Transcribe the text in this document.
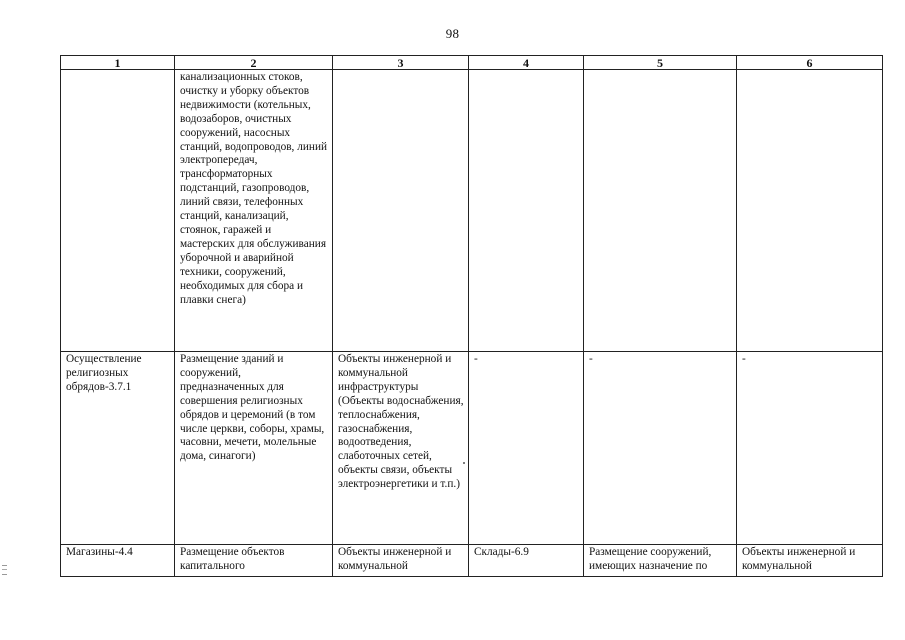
98
1	2	3	4	5	6
	канализационных стоков, очистку и уборку объектов недвижимости (котельных, водозаборов, очистных сооружений, насосных станций, водопроводов, линий электропередач, трансформаторных подстанций, газопроводов, линий связи, телефонных станций, канализаций, стоянок, гаражей и мастерских для обслуживания уборочной и аварийной техники, сооружений, необходимых для сбора и плавки снега)				
Осуществление религиозных обрядов-3.7.1	Размещение зданий и сооружений, предназначенных для совершения религиозных обрядов и церемоний (в том числе церкви, соборы, храмы, часовни, мечети, молельные дома, синагоги)	Объекты инженерной и коммунальной инфраструктуры (Объекты водоснабжения, теплоснабжения, газоснабжения, водоотведения, слаботочных сетей, объекты связи, объекты электроэнергетики и т.п.)	-	-	-
Магазины-4.4	Размещение объектов капитального	Объекты инженерной и коммунальной	Склады-6.9	Размещение сооружений, имеющих назначение по	Объекты инженерной и коммунальной
